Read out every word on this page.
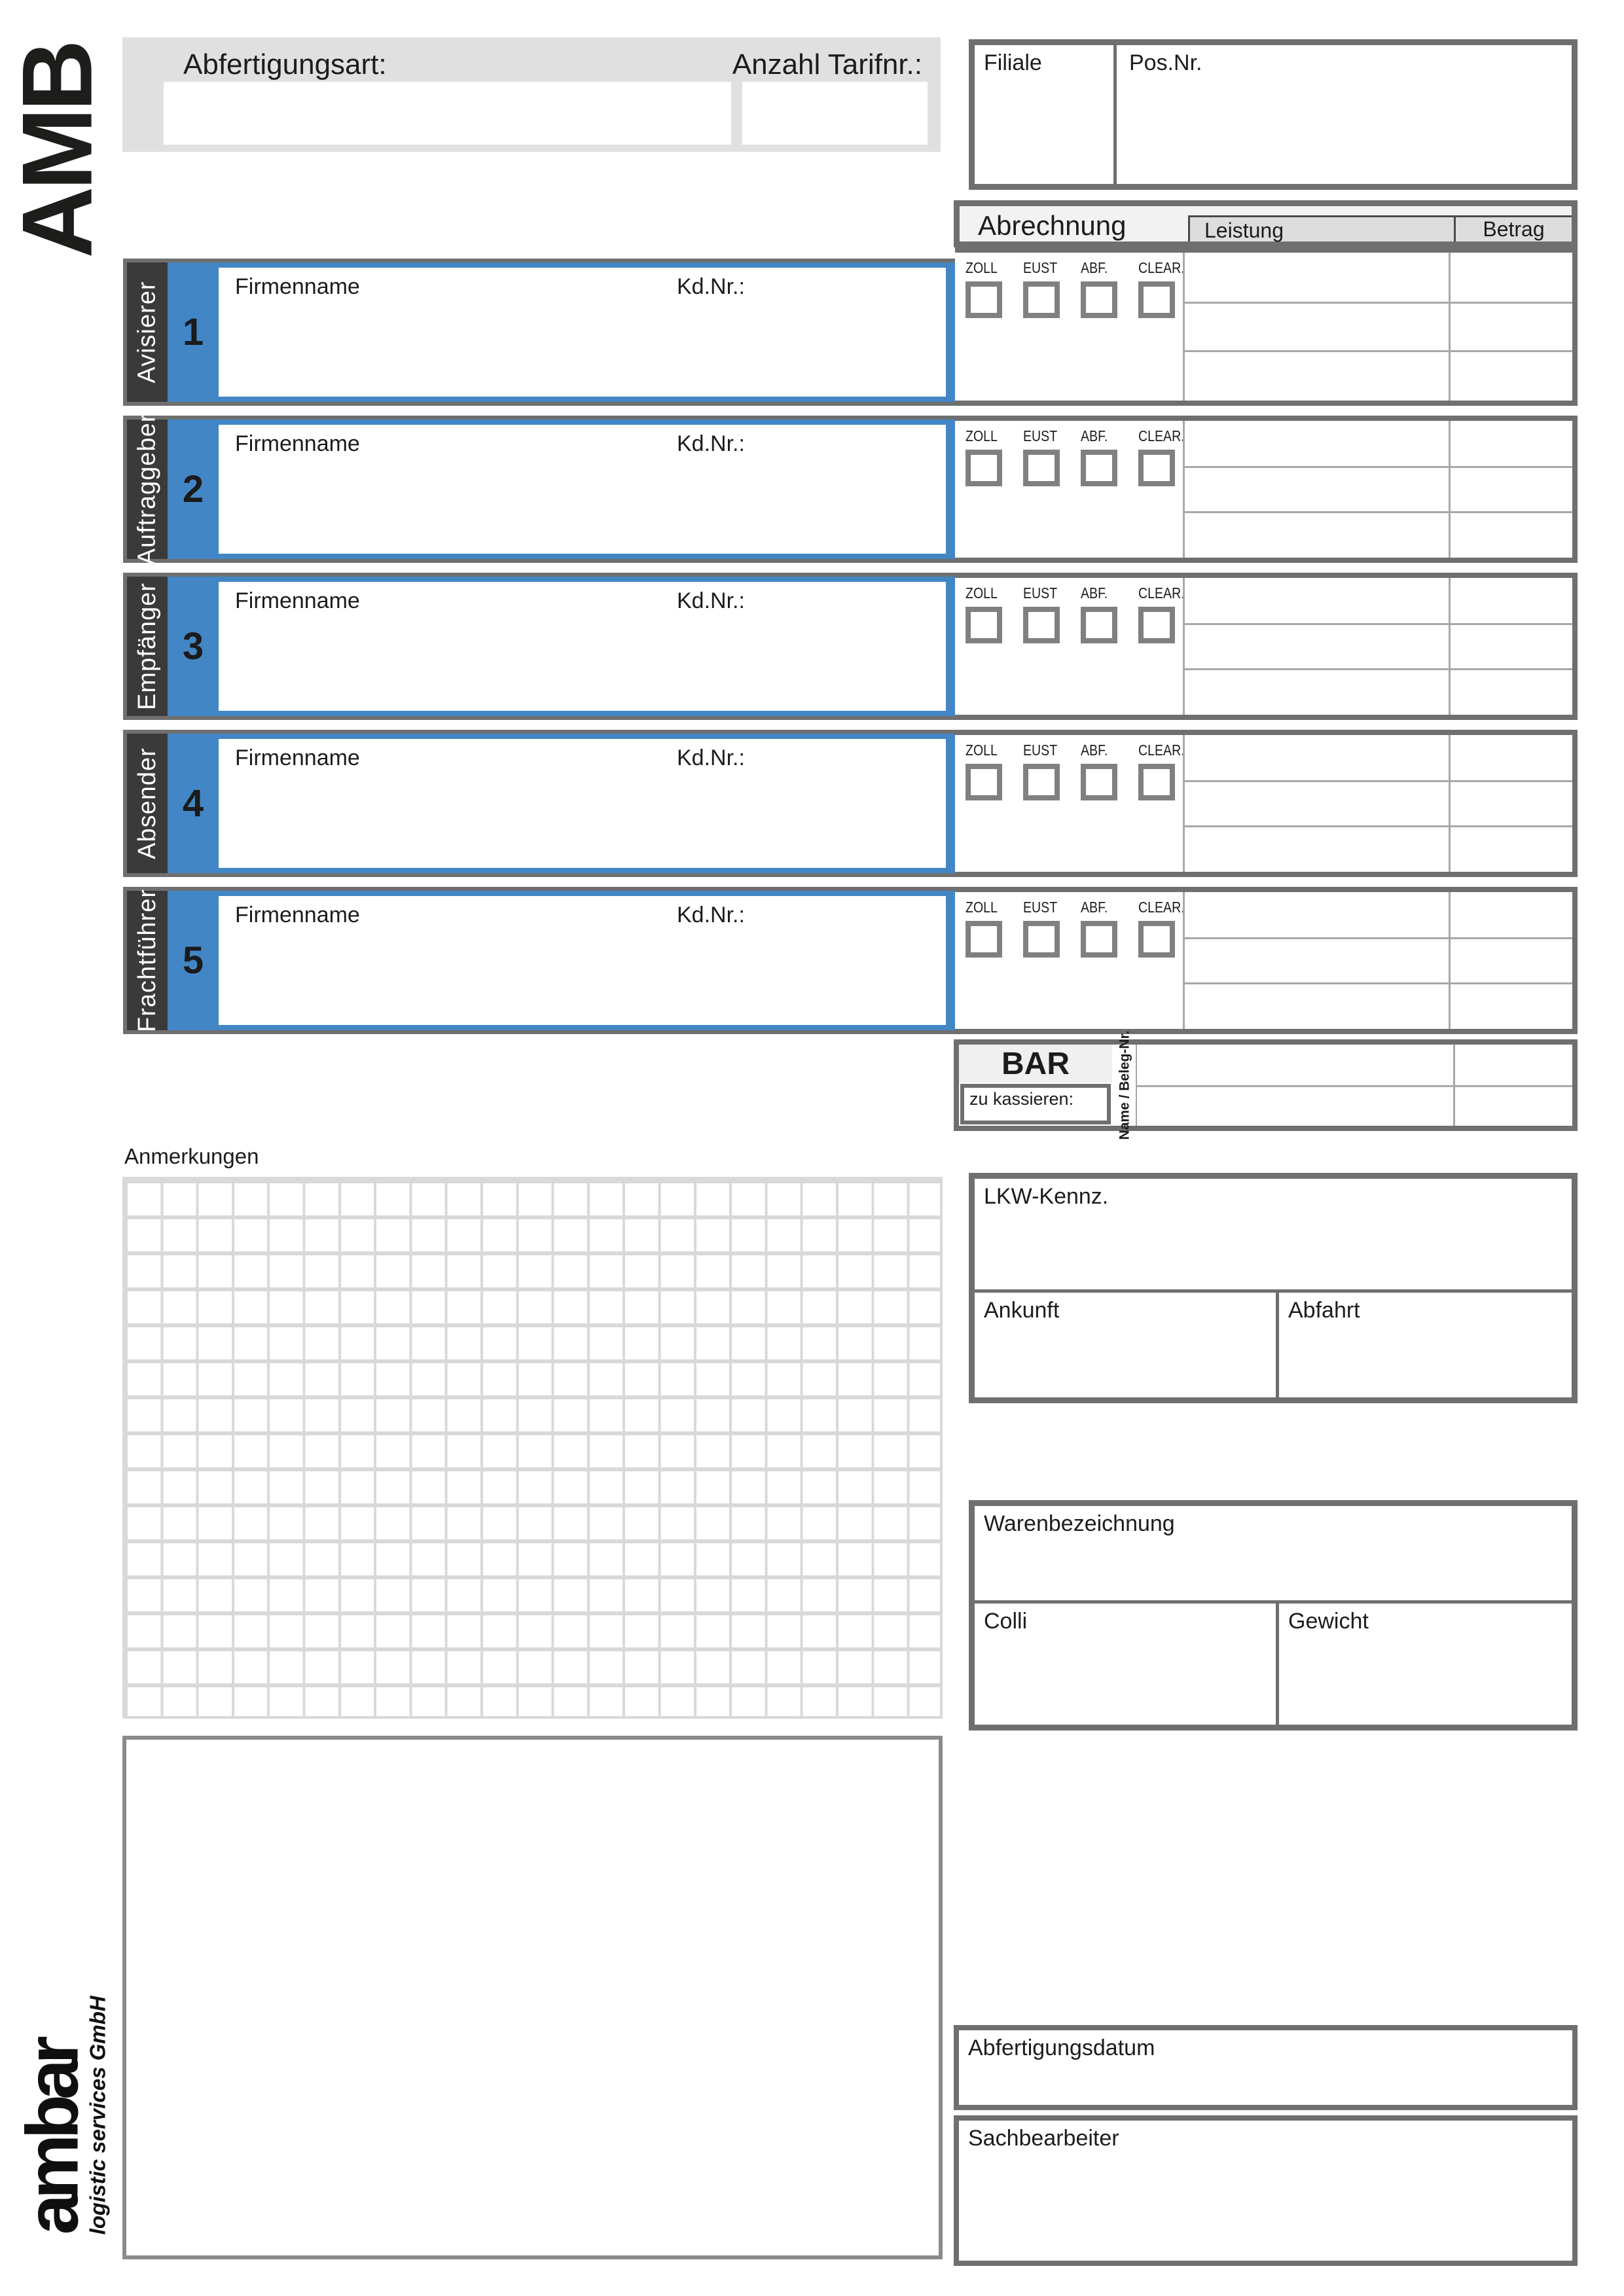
AMB Abfertigungsart:	Anzahl Tarifnr.:	Filiale	Pos.Nr.
Abrechnung	Leistung	Betrag
Avisierer 1
Firmenname	Kd.Nr.:
Auftraggeber 2
Firmenname	Kd.Nr.:
Empfänger 3
Firmenname	Kd.Nr.:
Absender 4
Firmenname	Kd.Nr.:
Frachtführer 5
Firmenname	Kd.Nr.:
ZOLL EUST ABF. CLEAR.
ZOLL EUST ABF. CLEAR.
ZOLL EUST ABF. CLEAR.
ZOLL EUST ABF. CLEAR.
ZOLL EUST ABF. CLEAR.
BAR
zu kassieren:	Name / Beleg-Nr.
Anmerkungen
LKW-Kennz.
Ankunft	Abfahrt
Warenbezeichnung
Colli	Gewicht
Abfertigungsdatum
Sachbearbeiter
ambar
logistic services GmbH
